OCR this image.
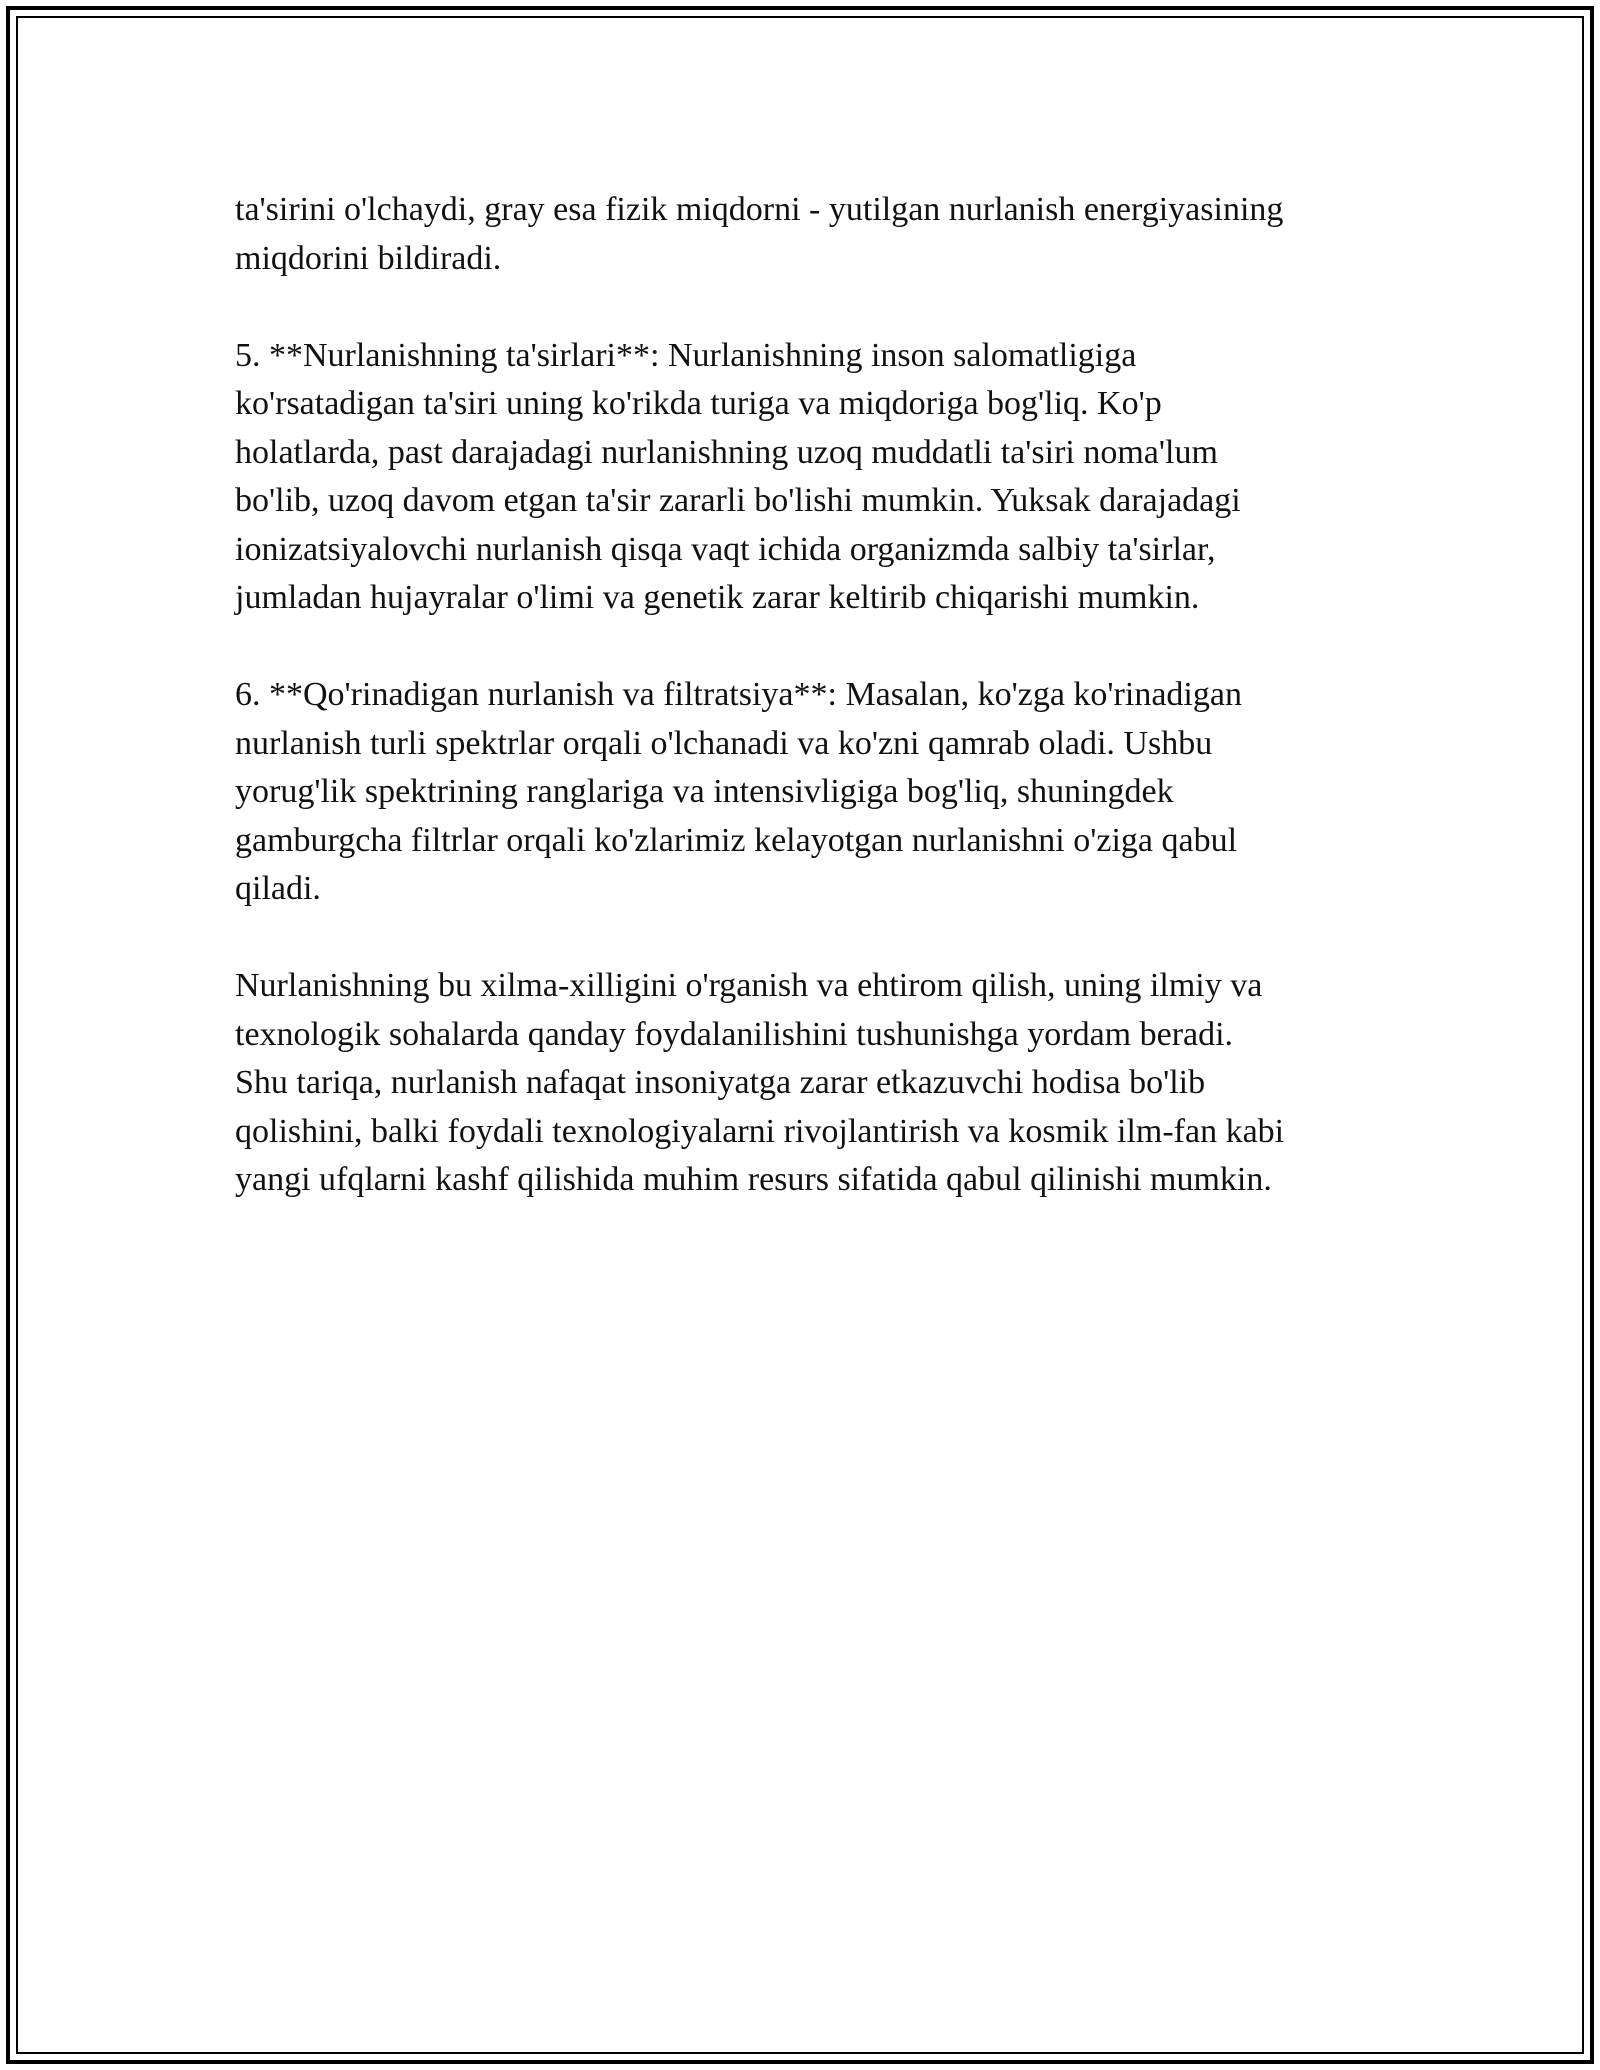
ta'sirini o'lchaydi, gray esa fizik miqdorni - yutilgan nurlanish energiyasining
miqdorini bildiradi.

5. **Nurlanishning ta'sirlari**: Nurlanishning inson salomatligiga
ko'rsatadigan ta'siri uning ko'rikda turiga va miqdoriga bog'liq. Ko'p
holatlarda, past darajadagi nurlanishning uzoq muddatli ta'siri noma'lum
bo'lib, uzoq davom etgan ta'sir zararli bo'lishi mumkin. Yuksak darajadagi
ionizatsiyalovchi nurlanish qisqa vaqt ichida organizmda salbiy ta'sirlar,
jumladan hujayralar o'limi va genetik zarar keltirib chiqarishi mumkin.

6. **Qo'rinadigan nurlanish va filtratsiya**: Masalan, ko'zga ko'rinadigan
nurlanish turli spektrlar orqali o'lchanadi va ko'zni qamrab oladi. Ushbu
yorug'lik spektrining ranglariga va intensivligiga bog'liq, shuningdek
gamburgcha filtrlar orqali ko'zlarimiz kelayotgan nurlanishni o'ziga qabul
qiladi.

Nurlanishning bu xilma-xilligini o'rganish va ehtirom qilish, uning ilmiy va
texnologik sohalarda qanday foydalanilishini tushunishga yordam beradi.
Shu tariqa, nurlanish nafaqat insoniyatga zarar etkazuvchi hodisa bo'lib
qolishini, balki foydali texnologiyalarni rivojlantirish va kosmik ilm-fan kabi
yangi ufqlarni kashf qilishida muhim resurs sifatida qabul qilinishi mumkin.
